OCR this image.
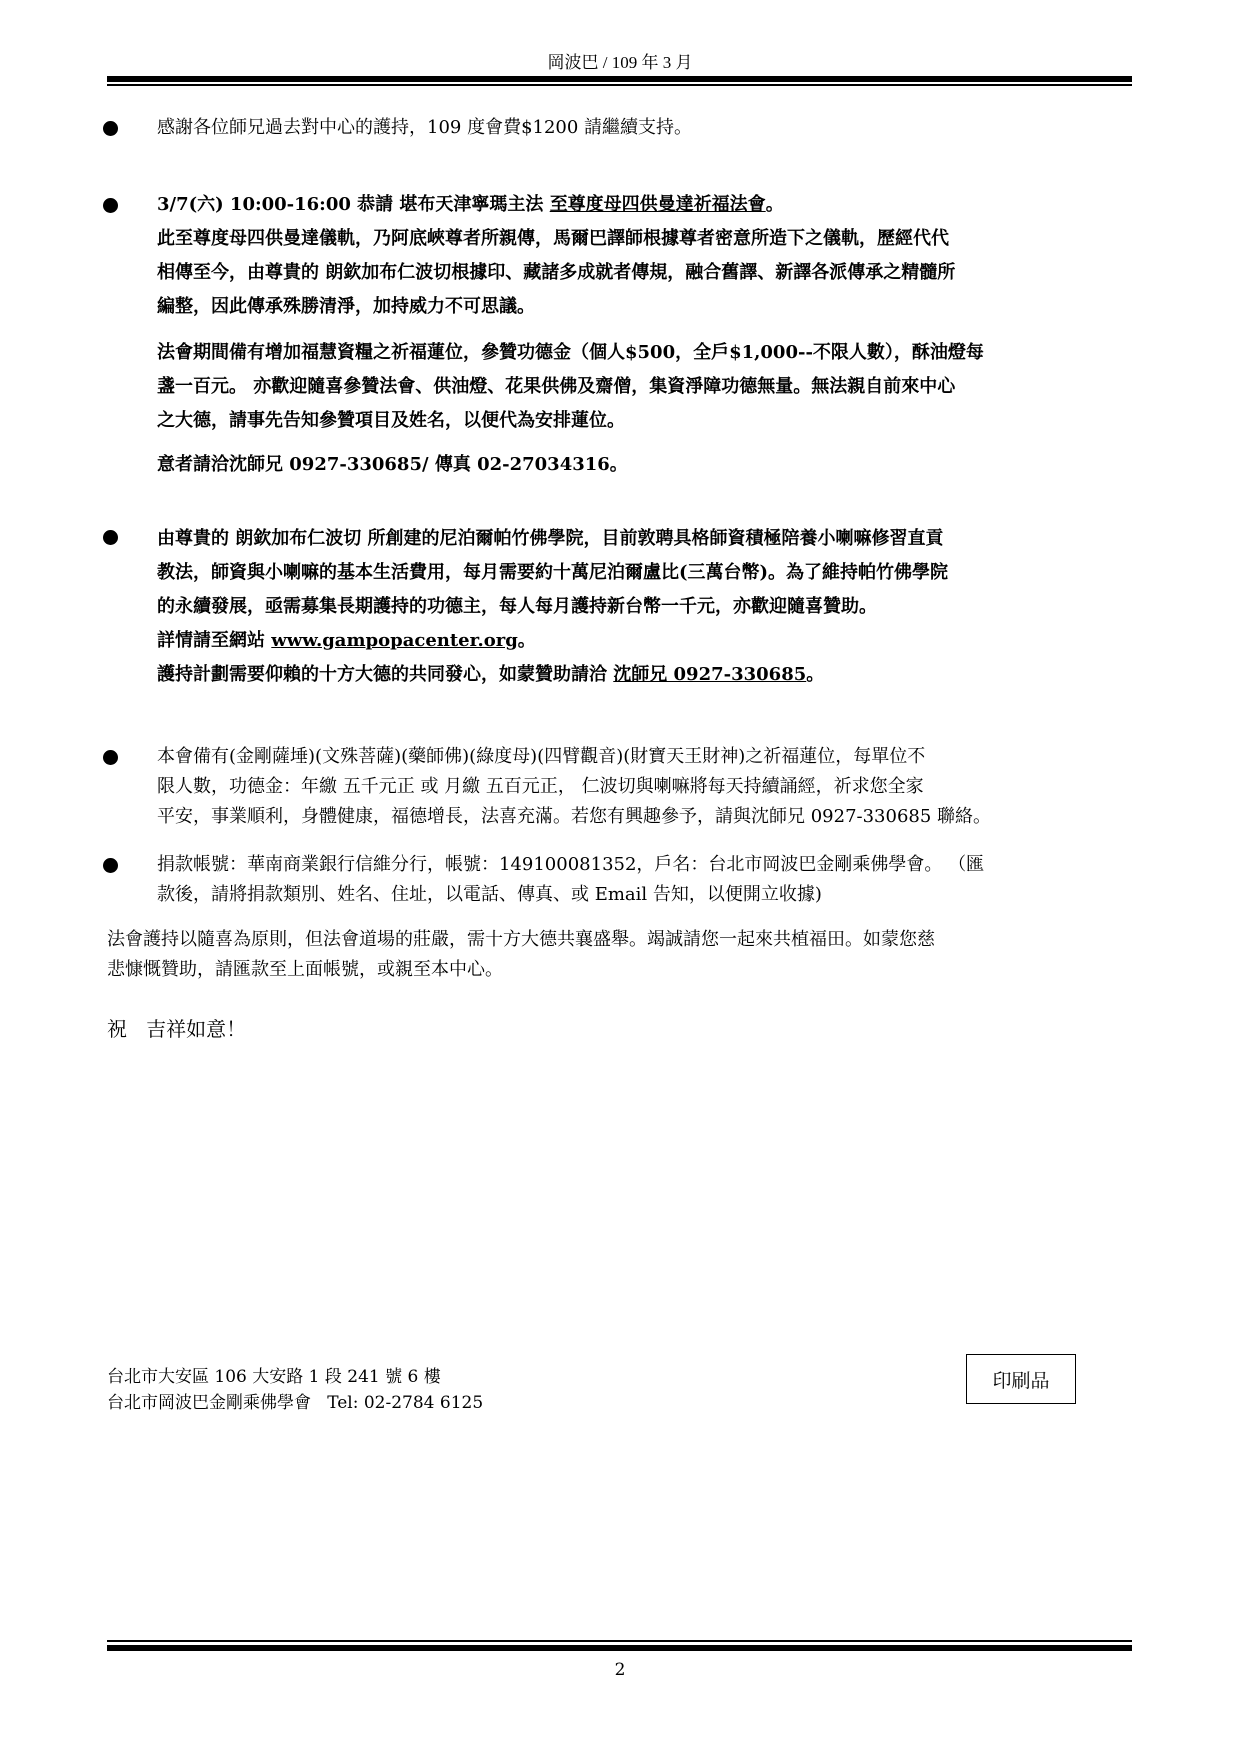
岡波巴 / 109 年 3 月

感謝各位師兄過去對中心的護持，109 度會費$1200 請繼續支持。

3/7(六) 10:00-16:00 恭請 堪布天津寧瑪主法 至尊度母四供曼達祈福法會。

此至尊度母四供曼達儀軌，乃阿底峽尊者所親傳，馬爾巴譯師根據尊者密意所造下之儀軌，歷經代代
相傳至今，由尊貴的 朗欽加布仁波切根據印、藏諸多成就者傳規，融合舊譯、新譯各派傳承之精髓所
編整，因此傳承殊勝清淨，加持威力不可思議。

法會期間備有增加福慧資糧之祈福蓮位，參贊功德金（個人$500，全戶$1,000--不限人數），酥油燈每
盞一百元。 亦歡迎隨喜參贊法會、供油燈、花果供佛及齋僧，集資淨障功德無量。無法親自前來中心
之大德，請事先告知參贊項目及姓名，以便代為安排蓮位。

意者請洽沈師兄 0927-330685/ 傳真 02-27034316。

由尊貴的 朗欽加布仁波切 所創建的尼泊爾帕竹佛學院，目前敦聘具格師資積極陪養小喇嘛修習直貢
教法，師資與小喇嘛的基本生活費用，每月需要約十萬尼泊爾盧比(三萬台幣)。為了維持帕竹佛學院
的永續發展，亟需募集長期護持的功德主，每人每月護持新台幣一千元，亦歡迎隨喜贊助。
詳情請至網站 www.gampopacenter.org。
護持計劃需要仰賴的十方大德的共同發心，如蒙贊助請洽 沈師兄 0927-330685。

本會備有(金剛薩埵)(文殊菩薩)(藥師佛)(綠度母)(四臂觀音)(財寶天王財神)之祈福蓮位，每單位不
限人數，功德金：年繳 五千元正 或 月繳 五百元正， 仁波切與喇嘛將每天持續誦經，祈求您全家
平安，事業順利，身體健康，福德增長，法喜充滿。若您有興趣參予，請與沈師兄 0927-330685 聯絡。

捐款帳號：華南商業銀行信維分行，帳號：149100081352，戶名：台北市岡波巴金剛乘佛學會。 （匯
款後，請將捐款類別、姓名、住址，以電話、傳真、或 Email 告知，以便開立收據)

法會護持以隨喜為原則，但法會道場的莊嚴，需十方大德共襄盛舉。竭誠請您一起來共植福田。如蒙您慈
悲慷慨贊助，請匯款至上面帳號，或親至本中心。

祝   吉祥如意！

台北市大安區 106 大安路 1 段 241 號 6 樓
台北市岡波巴金剛乘佛學會   Tel: 02-2784 6125
印刷品
2
